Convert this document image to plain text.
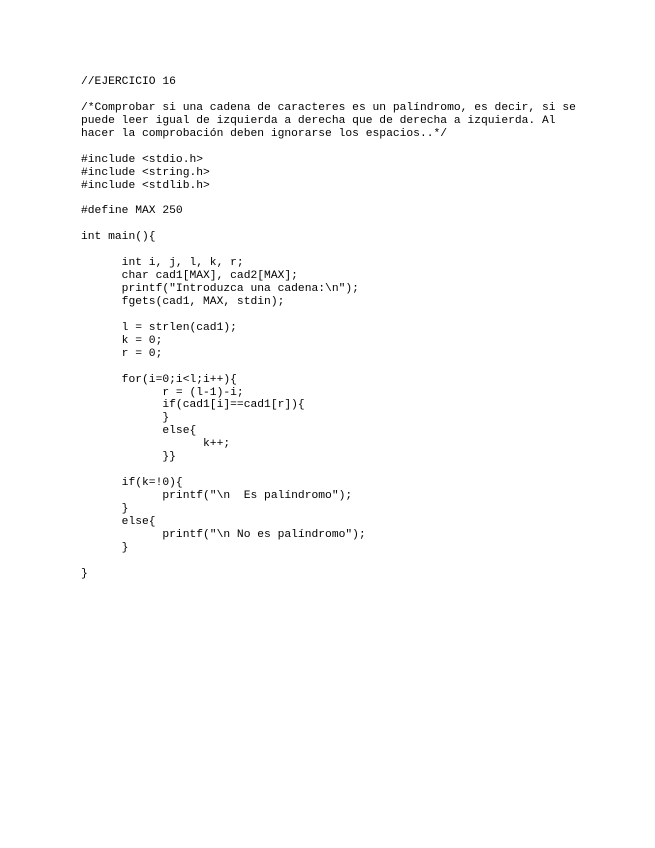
//EJERCICIO 16
/*Comprobar si una cadena de caracteres es un palíndromo, es decir, si se
puede leer igual de izquierda a derecha que de derecha a izquierda. Al
hacer la comprobación deben ignorarse los espacios..*/
#include <stdio.h>
#include <string.h>
#include <stdlib.h>
#define MAX 250
int main(){
int i, j, l, k, r;
char cad1[MAX], cad2[MAX];
printf("Introduzca una cadena:\n");
fgets(cad1, MAX, stdin);
l = strlen(cad1);
k = 0;
r = 0;
for(i=0;i<l;i++){
r = (l-1)-i;
if(cad1[i]==cad1[r]){
}
else{
k++;
}}
if(k=!0){
printf("\n  Es palíndromo");
}
else{
printf("\n No es palíndromo");
}
}
